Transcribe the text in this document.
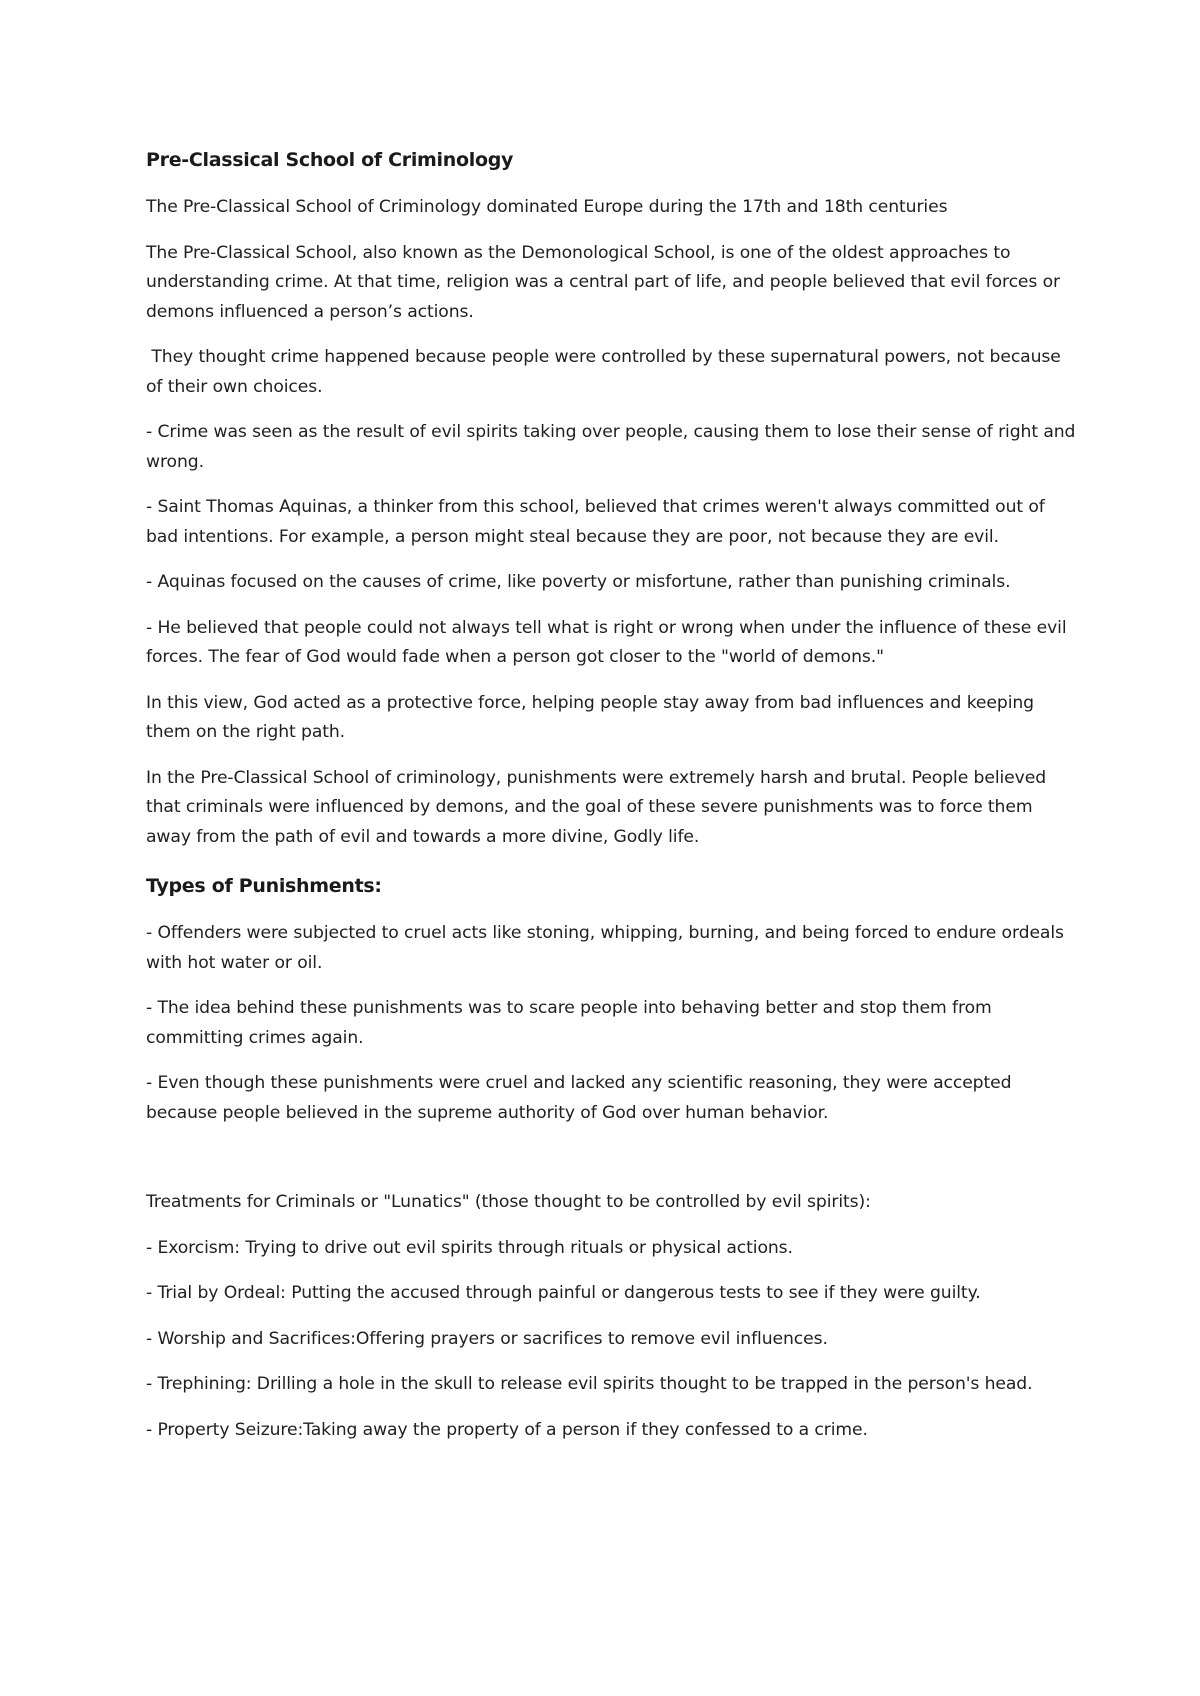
Pre-Classical School of Criminology

The Pre-Classical School of Criminology dominated Europe during the 17th and 18th centuries

The Pre-Classical School, also known as the Demonological School, is one of the oldest approaches to understanding crime. At that time, religion was a central part of life, and people believed that evil forces or demons influenced a person’s actions.

They thought crime happened because people were controlled by these supernatural powers, not because of their own choices.

- Crime was seen as the result of evil spirits taking over people, causing them to lose their sense of right and wrong.

- Saint Thomas Aquinas, a thinker from this school, believed that crimes weren't always committed out of bad intentions. For example, a person might steal because they are poor, not because they are evil.

- Aquinas focused on the causes of crime, like poverty or misfortune, rather than punishing criminals.

- He believed that people could not always tell what is right or wrong when under the influence of these evil forces. The fear of God would fade when a person got closer to the "world of demons."

In this view, God acted as a protective force, helping people stay away from bad influences and keeping them on the right path.

In the Pre-Classical School of criminology, punishments were extremely harsh and brutal. People believed that criminals were influenced by demons, and the goal of these severe punishments was to force them away from the path of evil and towards a more divine, Godly life.

Types of Punishments:

- Offenders were subjected to cruel acts like stoning, whipping, burning, and being forced to endure ordeals with hot water or oil.

- The idea behind these punishments was to scare people into behaving better and stop them from committing crimes again.

- Even though these punishments were cruel and lacked any scientific reasoning, they were accepted because people believed in the supreme authority of God over human behavior.

Treatments for Criminals or "Lunatics" (those thought to be controlled by evil spirits):

- Exorcism: Trying to drive out evil spirits through rituals or physical actions.

- Trial by Ordeal: Putting the accused through painful or dangerous tests to see if they were guilty.

- Worship and Sacrifices:Offering prayers or sacrifices to remove evil influences.

- Trephining: Drilling a hole in the skull to release evil spirits thought to be trapped in the person's head.

- Property Seizure:Taking away the property of a person if they confessed to a crime.
